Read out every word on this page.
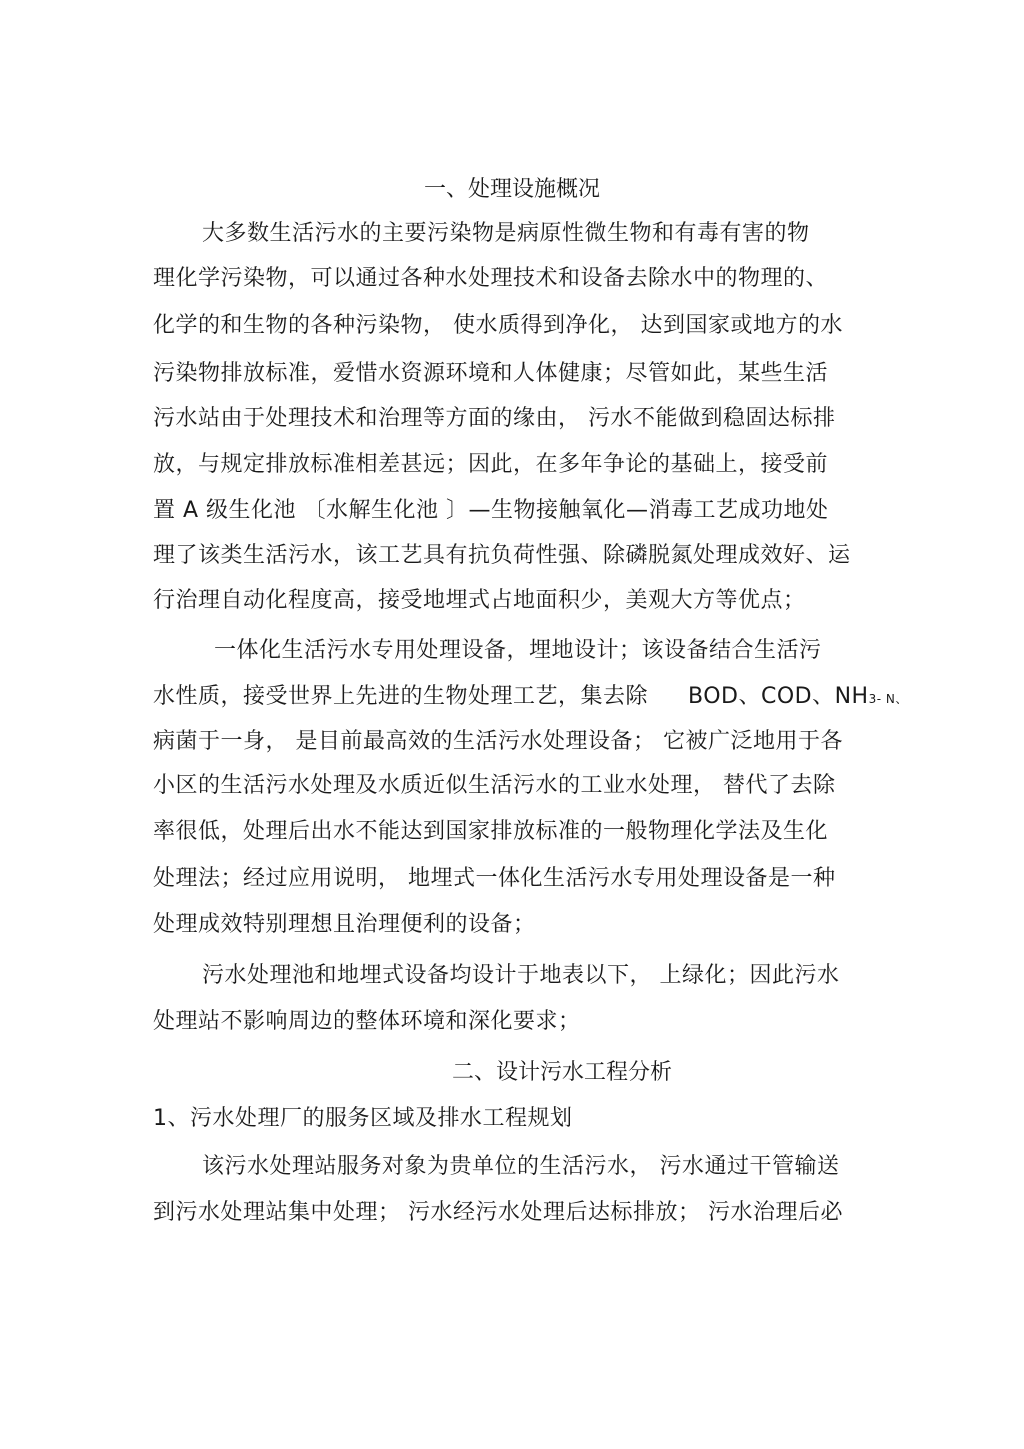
一、处理设施概况
大多数生活污水的主要污染物是病原性微生物和有毒有害的物
理化学污染物，可以通过各种水处理技术和设备去除水中的物理的、
化学的和生物的各种污染物， 使水质得到净化， 达到国家或地方的水
污染物排放标准，爱惜水资源环境和人体健康；尽管如此，某些生活
污水站由于处理技术和治理等方面的缘由， 污水不能做到稳固达标排
放，与规定排放标准相差甚远；因此，在多年争论的基础上，接受前
置 A 级生化池 〔水解生化池 〕—生物接触氧化—消毒工艺成功地处
理了该类生活污水，该工艺具有抗负荷性强、除磷脱氮处理成效好、运
行治理自动化程度高，接受地埋式占地面积少，美观大方等优点；
一体化生活污水专用处理设备，埋地设计；该设备结合生活污
水性质，接受世界上先进的生物处理工艺，集去除 BOD、COD、NH3- N、
病菌于一身， 是目前最高效的生活污水处理设备； 它被广泛地用于各
小区的生活污水处理及水质近似生活污水的工业水处理， 替代了去除
率很低，处理后出水不能达到国家排放标准的一般物理化学法及生化
处理法；经过应用说明， 地埋式一体化生活污水专用处理设备是一种
处理成效特别理想且治理便利的设备；
污水处理池和地埋式设备均设计于地表以下， 上绿化；因此污水
处理站不影响周边的整体环境和深化要求；
二、设计污水工程分析
1、污水处理厂的服务区域及排水工程规划
该污水处理站服务对象为贵单位的生活污水， 污水通过干管输送
到污水处理站集中处理； 污水经污水处理后达标排放； 污水治理后必
